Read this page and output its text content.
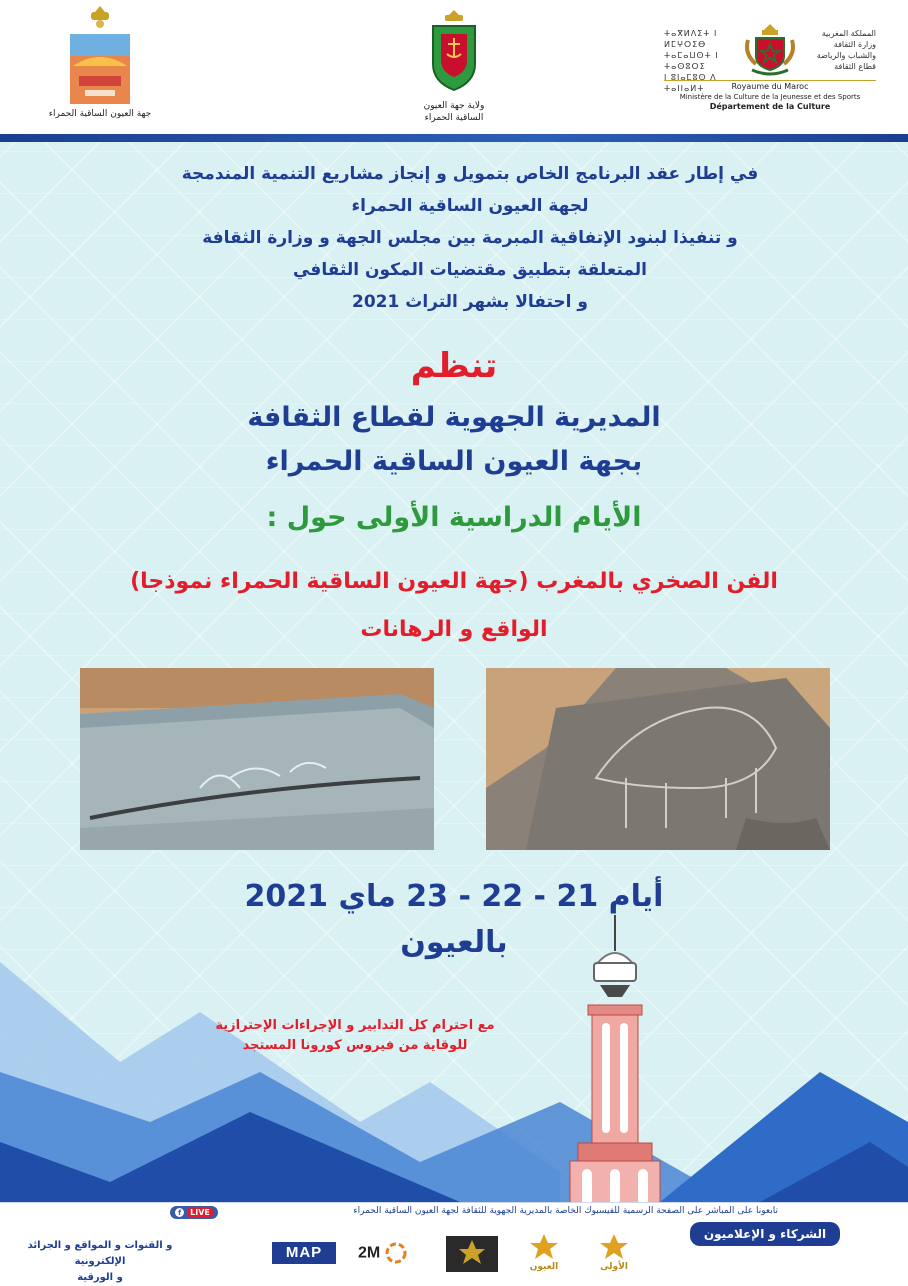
ⵜⴰⴳⵍⴷⵉⵜ ⵏ ⵍⵎⵖⵔⵉⴱ
ⵜⴰⵎⴰⵡⵙⵜ ⵏ ⵜⴰⵙⵓⵔⵉ
ⵏ ⵓⵏⴰⵎⵓⵙ ⴷ ⵜⴰⵏⵏⴰⵍⵜ
المملكة المغربية
وزارة الثقافة
والشباب والرياضة
قطاع الثقافة
Royaume du Maroc
Ministère de la Culture de la Jeunesse et des Sports
Département de la Culture
ولاية جهة العيون
الساقية الحمراء
جهة العيون الساقية الحمراء
في إطار عقد البرنامج الخاص بتمويل و إنجاز مشاريع التنمية المندمجة
لجهة العيون الساقية الحمراء
و تنفيذا لبنود الإتفاقية المبرمة بين مجلس الجهة و وزارة الثقافة
المتعلقة بتطبيق مقتضيات المكون الثقافي
و احتفالا بشهر التراث 2021
تنظم
المديرية الجهوية لقطاع الثقافة
بجهة العيون الساقية الحمراء
الأيام الدراسية الأولى حول :
الفن الصخري بالمغرب (جهة العيون الساقية الحمراء نموذجا)
الواقع و الرهانات
أيام 21 - 22 - 23 ماي 2021
بالعيون
مع احترام كل التدابير و الإجراءات الإحترازية
للوقاية من فيروس كورونا المستجد
تابعونا على المباشر على الصفحة الرسمية للفيسبوك الخاصة بالمديرية الجهوية للثقافة لجهة العيون الساقية الحمراء
f	LIVE
الشركاء و الإعلاميون
و القنوات و المواقع و الجرائد الإلكترونية
و الورقية
MAP	2M
العيون	الأولى
